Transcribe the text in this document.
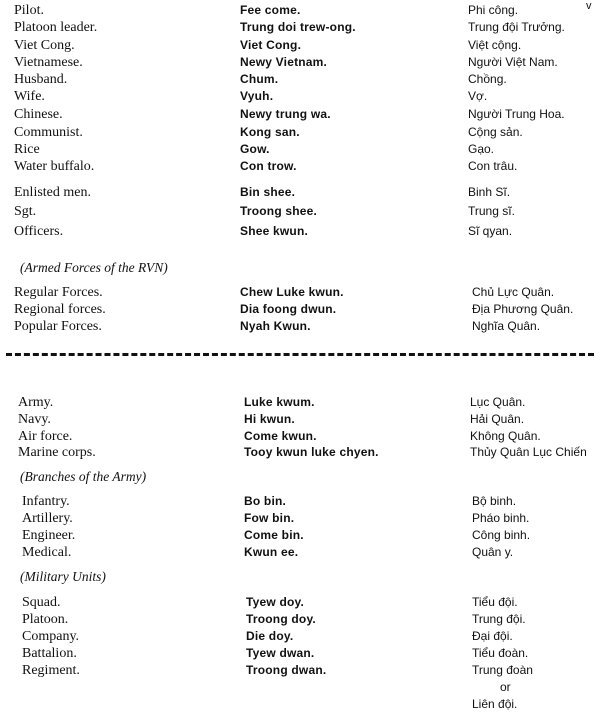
v
Pilot.	Fee come.	Phi công.
Platoon leader.	Trung doi trew-ong.	Trung đội Trưởng.
Viet Cong.	Viet Cong.	Việt cộng.
Vietnamese.	Newy Vietnam.	Người Việt Nam.
Husband.	Chum.	Chồng.
Wife.	Vyuh.	Vợ.
Chinese.	Newy trung wa.	Người Trung Hoa.
Communist.	Kong san.	Cộng sản.
Rice	Gow.	Gạo.
Water buffalo.	Con trow.	Con trâu.
Enlisted men.	Bin shee.	Binh Sĩ.
Sgt.	Troong shee.	Trung sĩ.
Officers.	Shee kwun.	Sĩ qyan.
(Armed Forces of the RVN)
Regular Forces.	Chew Luke kwun.	Chủ Lực Quân.
Regional forces.	Dia foong dwun.	Địa Phương Quân.
Popular Forces.	Nyah Kwun.	Nghĩa Quân.
Army.	Luke kwum.	Lục Quân.
Navy.	Hi kwun.	Hải Quân.
Air force.	Come kwun.	Không Quân.
Marine corps.	Tooy kwun luke chyen.	Thủy Quân Lục Chiến
(Branches of the Army)
Infantry.	Bo bin.	Bộ binh.
Artillery.	Fow bin.	Pháo binh.
Engineer.	Come bin.	Công binh.
Medical.	Kwun ee.	Quân y.
(Military Units)
Squad.	Tyew doy.	Tiểu đội.
Platoon.	Troong doy.	Trung đội.
Company.	Die doy.	Đại đội.
Battalion.	Tyew dwan.	Tiểu đoàn.
Regiment.	Troong dwan.	Trung đoàn
or
Liên đội.
